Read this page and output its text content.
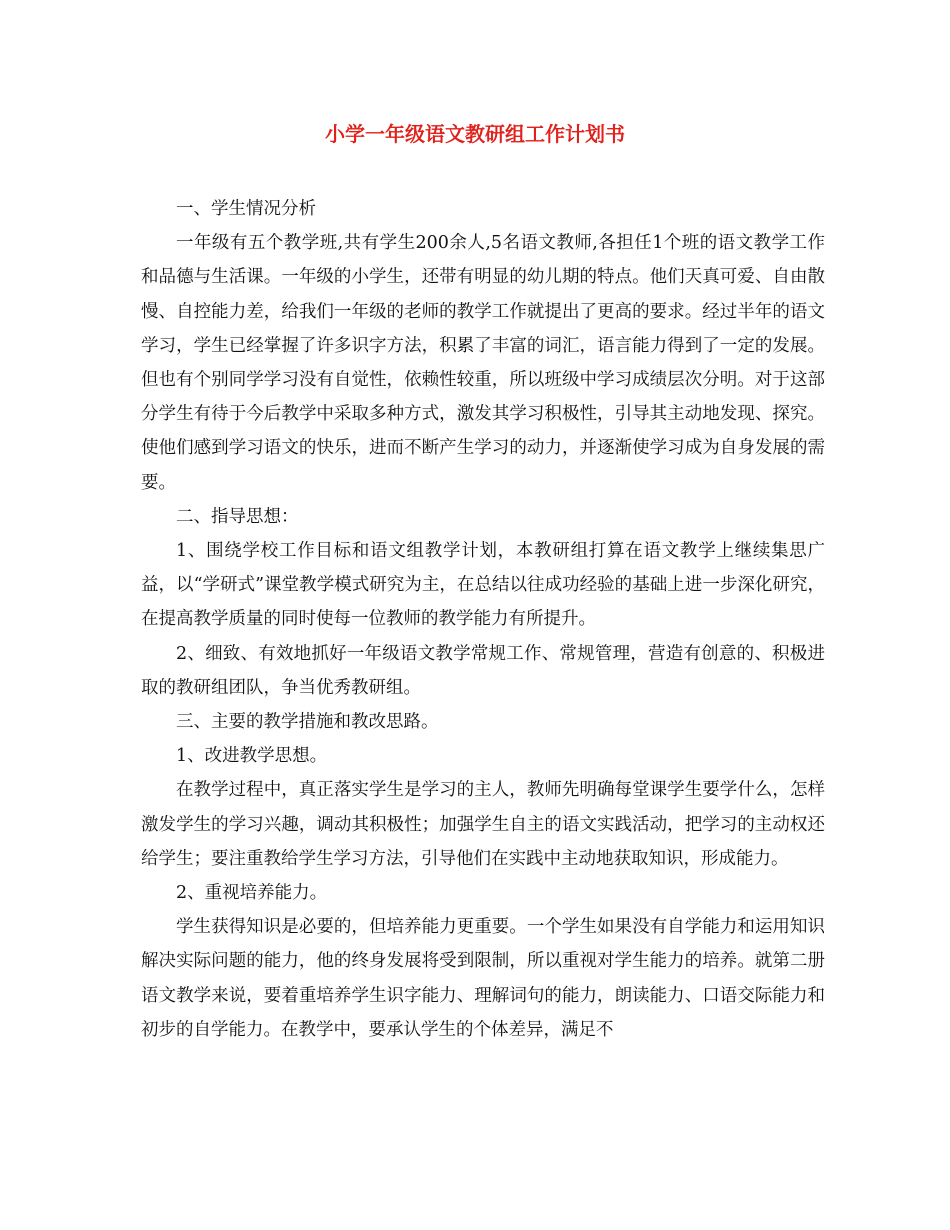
小学一年级语文教研组工作计划书

一、学生情况分析

一年级有五个教学班,共有学生200余人,5名语文教师,各担任1个班的语文教学工作和品德与生活课。一年级的小学生，还带有明显的幼儿期的特点。他们天真可爱、自由散慢、自控能力差，给我们一年级的老师的教学工作就提出了更高的要求。经过半年的语文学习，学生已经掌握了许多识字方法，积累了丰富的词汇，语言能力得到了一定的发展。但也有个别同学学习没有自觉性，依赖性较重，所以班级中学习成绩层次分明。对于这部分学生有待于今后教学中采取多种方式，激发其学习积极性，引导其主动地发现、探究。使他们感到学习语文的快乐，进而不断产生学习的动力，并逐渐使学习成为自身发展的需要。

二、指导思想：

1、围绕学校工作目标和语文组教学计划，本教研组打算在语文教学上继续集思广益，以“学研式”课堂教学模式研究为主，在总结以往成功经验的基础上进一步深化研究，在提高教学质量的同时使每一位教师的教学能力有所提升。

2、细致、有效地抓好一年级语文教学常规工作、常规管理，营造有创意的、积极进取的教研组团队，争当优秀教研组。

三、主要的教学措施和教改思路。

1、改进教学思想。

在教学过程中，真正落实学生是学习的主人，教师先明确每堂课学生要学什么，怎样激发学生的学习兴趣，调动其积极性；加强学生自主的语文实践活动，把学习的主动权还给学生；要注重教给学生学习方法，引导他们在实践中主动地获取知识，形成能力。

2、重视培养能力。

学生获得知识是必要的，但培养能力更重要。一个学生如果没有自学能力和运用知识解决实际问题的能力，他的终身发展将受到限制，所以重视对学生能力的培养。就第二册语文教学来说，要着重培养学生识字能力、理解词句的能力，朗读能力、口语交际能力和初步的自学能力。在教学中，要承认学生的个体差异，满足不
